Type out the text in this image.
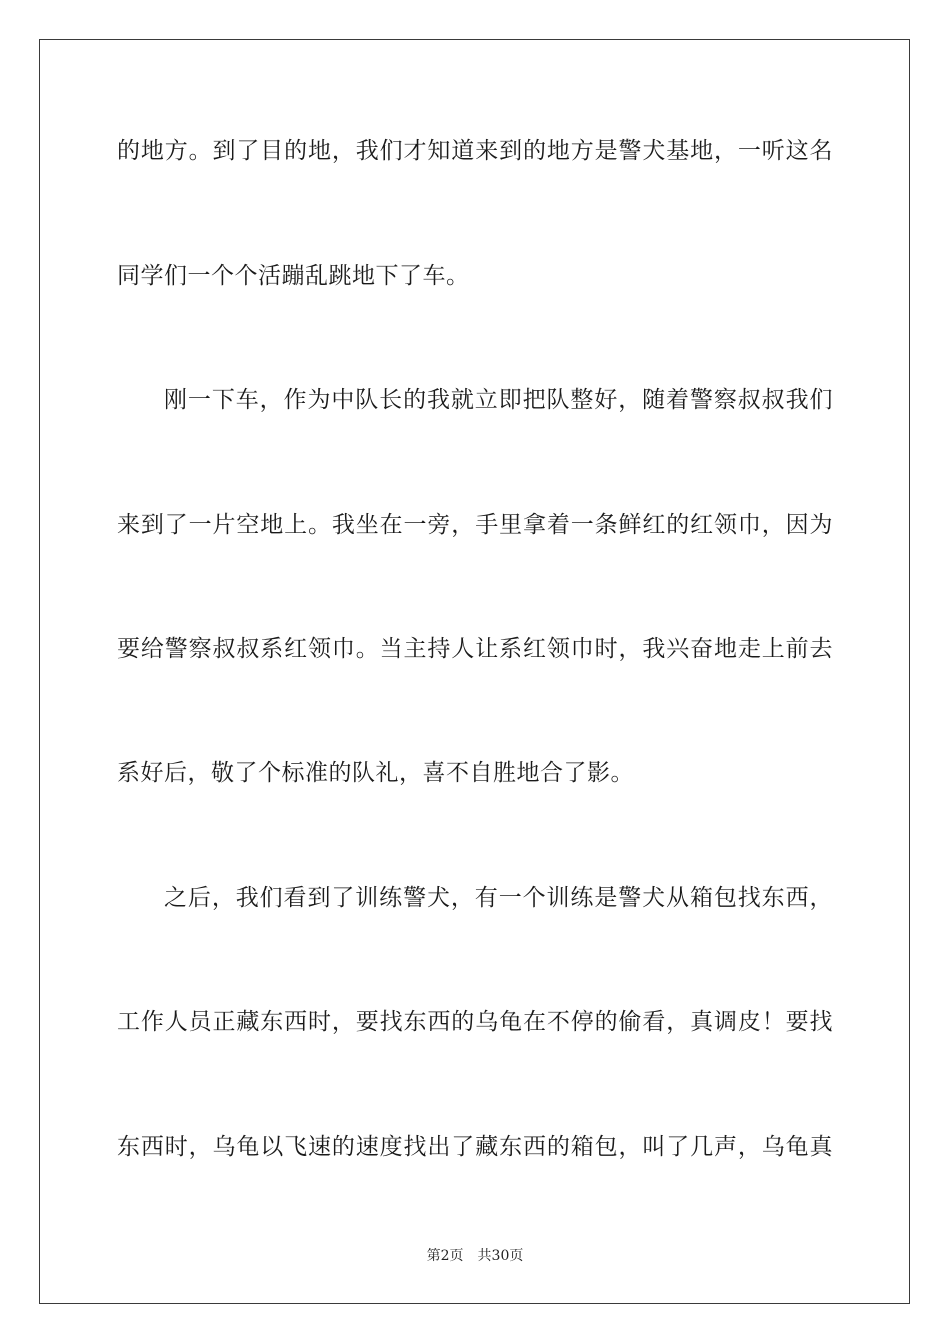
的地方。到了目的地，我们才知道来到的地方是警犬基地，一听这名
同学们一个个活蹦乱跳地下了车。
刚一下车，作为中队长的我就立即把队整好，随着警察叔叔我们
来到了一片空地上。我坐在一旁，手里拿着一条鲜红的红领巾，因为
要给警察叔叔系红领巾。当主持人让系红领巾时，我兴奋地走上前去
系好后，敬了个标准的队礼，喜不自胜地合了影。
之后，我们看到了训练警犬，有一个训练是警犬从箱包找东西，
工作人员正藏东西时，要找东西的乌龟在不停的偷看，真调皮！要找
东西时，乌龟以飞速的速度找出了藏东西的箱包，叫了几声，乌龟真
第2页 共30页
